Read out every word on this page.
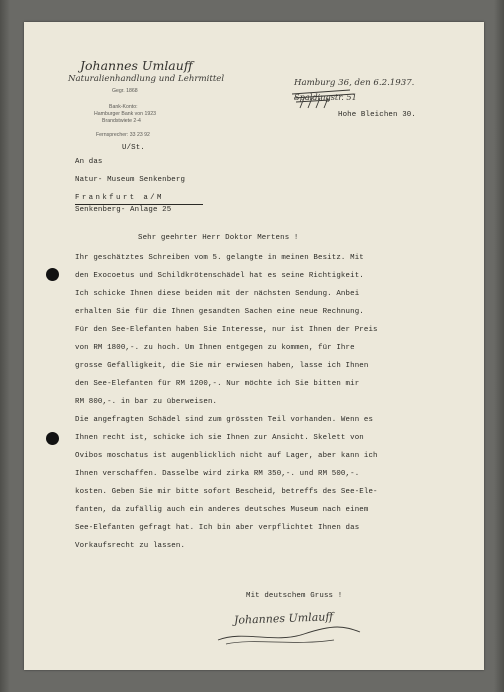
Johannes Umlauff
Naturalienhandlung und Lehrmittel
Gegr. 1868
Bank-Konto:
Hamburger Bank von 1923
Brandstwiete 2-4
Fernsprecher: 33 23 92
U/St.
Hamburg 36, den 6.2.1937.
Spaldingstr. 51
Hohe Bleichen 30.
An das
Natur- Museum Senkenberg
Frankfurt a/M
Senkenberg- Anlage 25
Sehr geehrter Herr Doktor Mertens !
Ihr geschätztes Schreiben vom 5. gelangte in meinen Besitz. Mit
den Exocoetus und Schildkrötenschädel hat es seine Richtigkeit.
Ich schicke Ihnen diese beiden mit der nächsten Sendung. Anbei
erhalten Sie für die Ihnen gesandten Sachen eine neue Rechnung.
Für den See-Elefanten haben Sie Interesse, nur ist Ihnen der Preis
von RM 1800,-. zu hoch. Um Ihnen entgegen zu kommen, für Ihre
grosse Gefälligkeit, die Sie mir erwiesen haben, lasse ich Ihnen
den See-Elefanten für RM 1200,-. Nur möchte ich Sie bitten mir
RM 800,-. in bar zu überweisen.
Die angefragten Schädel sind zum grössten Teil vorhanden. Wenn es
Ihnen recht ist, schicke ich sie Ihnen zur Ansicht. Skelett von
Ovibos moschatus ist augenblicklich nicht auf Lager, aber kann ich
Ihnen verschaffen. Dasselbe wird zirka RM 350,-. und RM 500,-.
kosten. Geben Sie mir bitte sofort Bescheid, betreffs des See-Ele-
fanten, da zufällig auch ein anderes deutsches Museum nach einem
See-Elefanten gefragt hat. Ich bin aber verpflichtet Ihnen das
Vorkaufsrecht zu lassen.
Mit deutschem Gruss !
Johannes Umlauff
